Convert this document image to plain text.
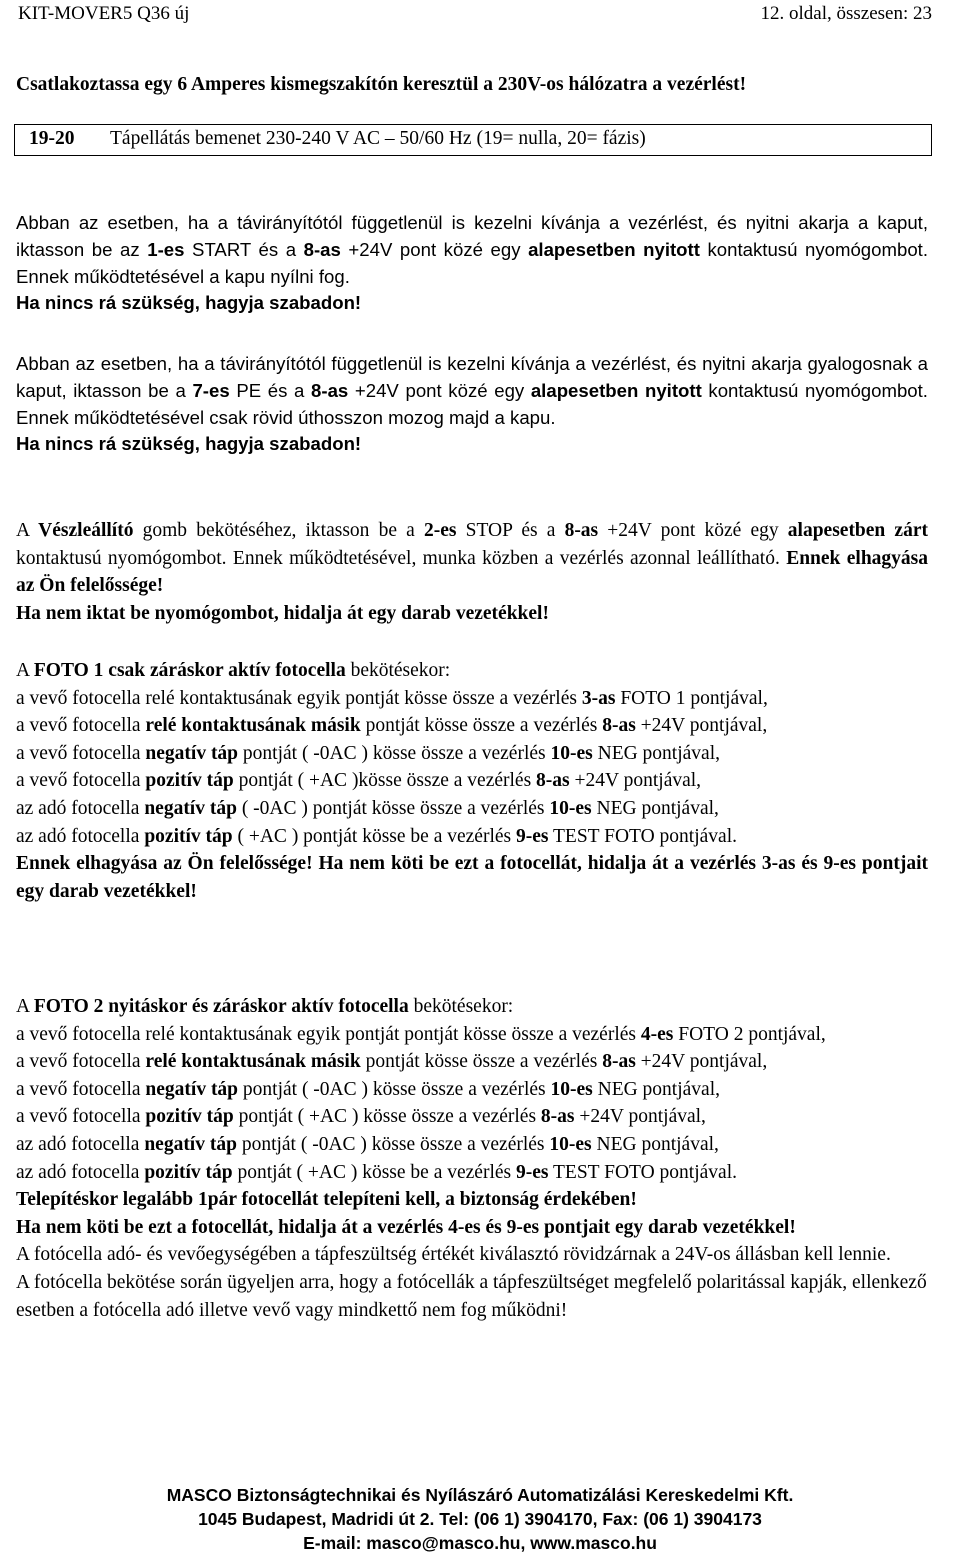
KIT-MOVER5 Q36 új	12. oldal, összesen: 23

Csatlakoztassa egy 6 Amperes kismegszakítón keresztül a 230V-os hálózatra a vezérlést!

19-20 Tápellátás bemenet 230-240 V AC – 50/60 Hz (19= nulla, 20= fázis)
Abban az esetben, ha a távirányítótól függetlenül is kezelni kívánja a vezérlést, és nyitni akarja a kaput, iktasson be az 1-es START és a 8-as +24V pont közé egy alapesetben nyitott kontaktusú nyomógombot. Ennek működtetésével a kapu nyílni fog.
Ha nincs rá szükség, hagyja szabadon!
Abban az esetben, ha a távirányítótól függetlenül is kezelni kívánja a vezérlést, és nyitni akarja gyalogosnak a kaput, iktasson be a 7-es PE és a 8-as +24V pont közé egy alapesetben nyitott kontaktusú nyomógombot. Ennek működtetésével csak rövid úthosszon mozog majd a kapu.
Ha nincs rá szükség, hagyja szabadon!
A Vészleállító gomb bekötéséhez, iktasson be a 2-es STOP és a 8-as +24V pont közé egy alapesetben zárt kontaktusú nyomógombot. Ennek működtetésével, munka közben a vezérlés azonnal leállítható. Ennek elhagyása az Ön felelőssége!
Ha nem iktat be nyomógombot, hidalja át egy darab vezetékkel!
A FOTO 1 csak záráskor aktív fotocella bekötésekor:
a vevő fotocella relé kontaktusának egyik pontját kösse össze a vezérlés 3-as FOTO 1 pontjával,
a vevő fotocella relé kontaktusának másik pontját kösse össze a vezérlés 8-as +24V pontjával,
a vevő fotocella negatív táp pontját ( -0AC ) kösse össze a vezérlés 10-es NEG pontjával,
a vevő fotocella pozitív táp pontját ( +AC )kösse össze a vezérlés 8-as +24V pontjával,
az adó fotocella negatív táp ( -0AC ) pontját kösse össze a vezérlés 10-es NEG pontjával,
az adó fotocella pozitív táp ( +AC ) pontját kösse be a vezérlés 9-es TEST FOTO pontjával.
Ennek elhagyása az Ön felelőssége! Ha nem köti be ezt a fotocellát, hidalja át a vezérlés 3-as és 9-es pontjait egy darab vezetékkel!
A FOTO 2 nyitáskor és záráskor aktív fotocella bekötésekor:
a vevő fotocella relé kontaktusának egyik pontját pontját kösse össze a vezérlés 4-es FOTO 2 pontjával,
a vevő fotocella relé kontaktusának másik pontját kösse össze a vezérlés 8-as +24V pontjával,
a vevő fotocella negatív táp pontját ( -0AC ) kösse össze a vezérlés 10-es NEG pontjával,
a vevő fotocella pozitív táp pontját ( +AC ) kösse össze a vezérlés 8-as +24V pontjával,
az adó fotocella negatív táp pontját ( -0AC ) kösse össze a vezérlés 10-es NEG pontjával,
az adó fotocella pozitív táp pontját ( +AC ) kösse be a vezérlés 9-es TEST FOTO pontjával.
Telepítéskor legalább 1pár fotocellát telepíteni kell, a biztonság érdekében!
Ha nem köti be ezt a fotocellát, hidalja át a vezérlés 4-es és 9-es pontjait egy darab vezetékkel!
A fotócella adó- és vevőegységében a tápfeszültség értékét kiválasztó rövidzárnak a 24V-os állásban kell lennie.
A fotócella bekötése során ügyeljen arra, hogy a fotócellák a tápfeszültséget megfelelő polaritással kapják, ellenkező esetben a fotócella adó illetve vevő vagy mindkettő nem fog működni!
MASCO Biztonságtechnikai és Nyílászáró Automatizálási Kereskedelmi Kft.
1045 Budapest, Madridi út 2. Tel: (06 1) 3904170, Fax: (06 1) 3904173
E-mail: masco@masco.hu, www.masco.hu
